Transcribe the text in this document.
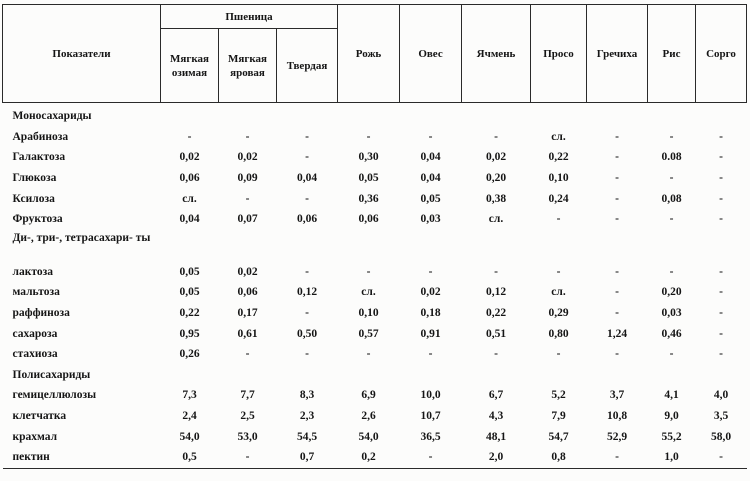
Показатели	Пшеница			Рожь	Овес	Ячмень	Просо	Гречиха	Рис	Сорго
	Мягкая озимая	Мягкая яровая	Твердая							
Моносахариды										
Арабиноза	-	-	-	-	-	-	сл.	-	-	-
Галактоза	0,02	0,02	-	0,30	0,04	0,02	0,22	-	0.08	-
Глюкоза	0,06	0,09	0,04	0,05	0,04	0,20	0,10	-	-	-
Ксилоза	сл.	-	-	0,36	0,05	0,38	0,24	-	0,08	-
Фруктоза	0,04	0,07	0,06	0,06	0,03	сл.	-	-	-	-
Ди-, три-, тетрасахари- ты										
лактоза	0,05	0,02	-	-	-	-	-	-	-	-
мальтоза	0,05	0,06	0,12	сл.	0,02	0,12	сл.	-	0,20	-
раффиноза	0,22	0,17	-	0,10	0,18	0,22	0,29	-	0,03	-
сахароза	0,95	0,61	0,50	0,57	0,91	0,51	0,80	1,24	0,46	-
стахиоза	0,26	-	-	-	-	-	-	-	-	-
Полисахариды										
гемицеллюлозы	7,3	7,7	8,3	6,9	10,0	6,7	5,2	3,7	4,1	4,0
клетчатка	2,4	2,5	2,3	2,6	10,7	4,3	7,9	10,8	9,0	3,5
крахмал	54,0	53,0	54,5	54,0	36,5	48,1	54,7	52,9	55,2	58,0
пектин	0,5	-	0,7	0,2	-	2,0	0,8	-	1,0	-
